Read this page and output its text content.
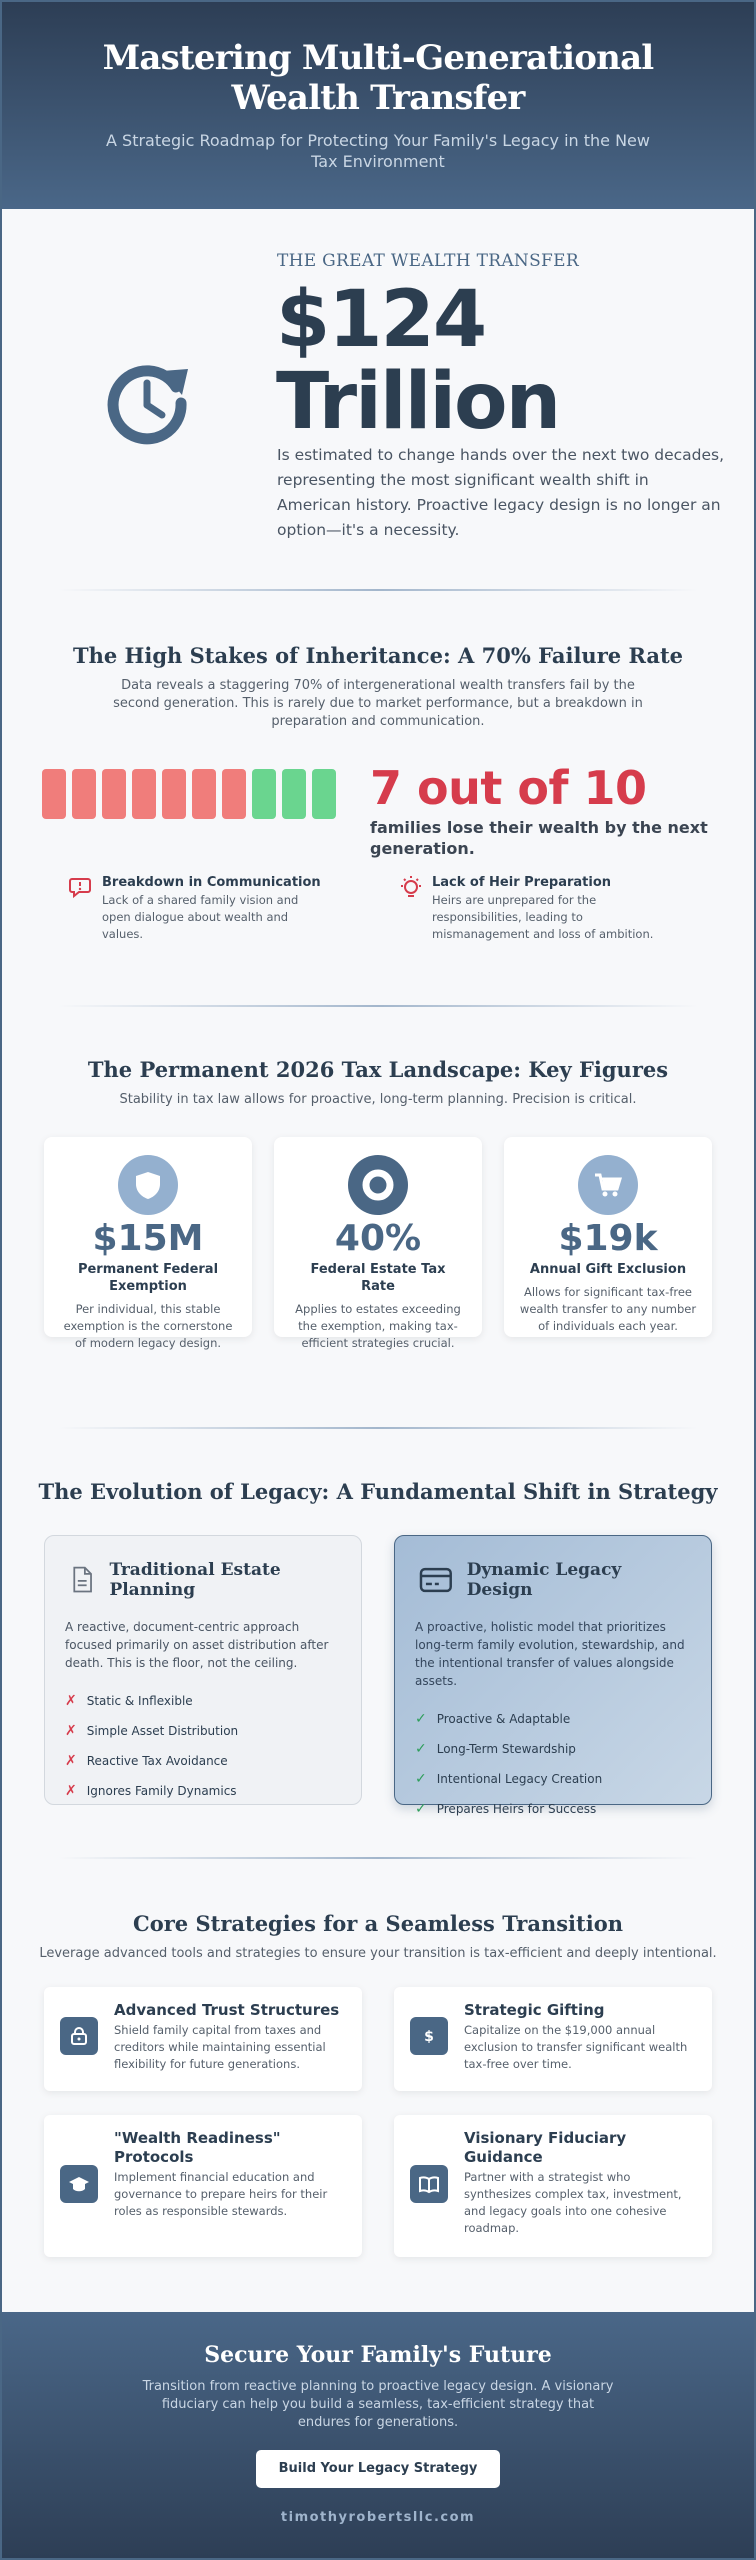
Mastering Multi-Generational Wealth Transfer

A Strategic Roadmap for Protecting Your Family's Legacy in the New Tax Environment

THE GREAT WEALTH TRANSFER
$124
Trillion

Is estimated to change hands over the next two decades, representing the most significant wealth shift in American history. Proactive legacy design is no longer an option—it's a necessity.

The High Stakes of Inheritance: A 70% Failure Rate

Data reveals a staggering 70% of intergenerational wealth transfers fail by the second generation. This is rarely due to market performance, but a breakdown in preparation and communication.

7 out of 10
families lose their wealth by the next generation.
Breakdown in Communication

Lack of a shared family vision and open dialogue about wealth and values.

Lack of Heir Preparation

Heirs are unprepared for the responsibilities, leading to mismanagement and loss of ambition.

The Permanent 2026 Tax Landscape: Key Figures

Stability in tax law allows for proactive, long-term planning. Precision is critical.

$15M
Permanent Federal Exemption

Per individual, this stable exemption is the cornerstone of modern legacy design.

40%
Federal Estate Tax Rate

Applies to estates exceeding the exemption, making tax-efficient strategies crucial.

$19k
Annual Gift Exclusion

Allows for significant tax-free wealth transfer to any number of individuals each year.

The Evolution of Legacy: A Fundamental Shift in Strategy
Traditional Estate Planning

A reactive, document-centric approach focused primarily on asset distribution after death. This is the floor, not the ceiling.

✗ Static & Inflexible
✗ Simple Asset Distribution
✗ Reactive Tax Avoidance
✗ Ignores Family Dynamics
Dynamic Legacy Design

A proactive, holistic model that prioritizes long-term family evolution, stewardship, and the intentional transfer of values alongside assets.

✓ Proactive & Adaptable
✓ Long-Term Stewardship
✓ Intentional Legacy Creation
✓ Prepares Heirs for Success
Core Strategies for a Seamless Transition

Leverage advanced tools and strategies to ensure your transition is tax-efficient and deeply intentional.

Advanced Trust Structures

Shield family capital from taxes and creditors while maintaining essential flexibility for future generations.

$
Strategic Gifting

Capitalize on the $19,000 annual exclusion to transfer significant wealth tax-free over time.

"Wealth Readiness" Protocols

Implement financial education and governance to prepare heirs for their roles as responsible stewards.

Visionary Fiduciary Guidance

Partner with a strategist who synthesizes complex tax, investment, and legacy goals into one cohesive roadmap.

Secure Your Family's Future

Transition from reactive planning to proactive legacy design. A visionary fiduciary can help you build a seamless, tax-efficient strategy that endures for generations.

Build Your Legacy Strategy
timothyrobertsllc.com
